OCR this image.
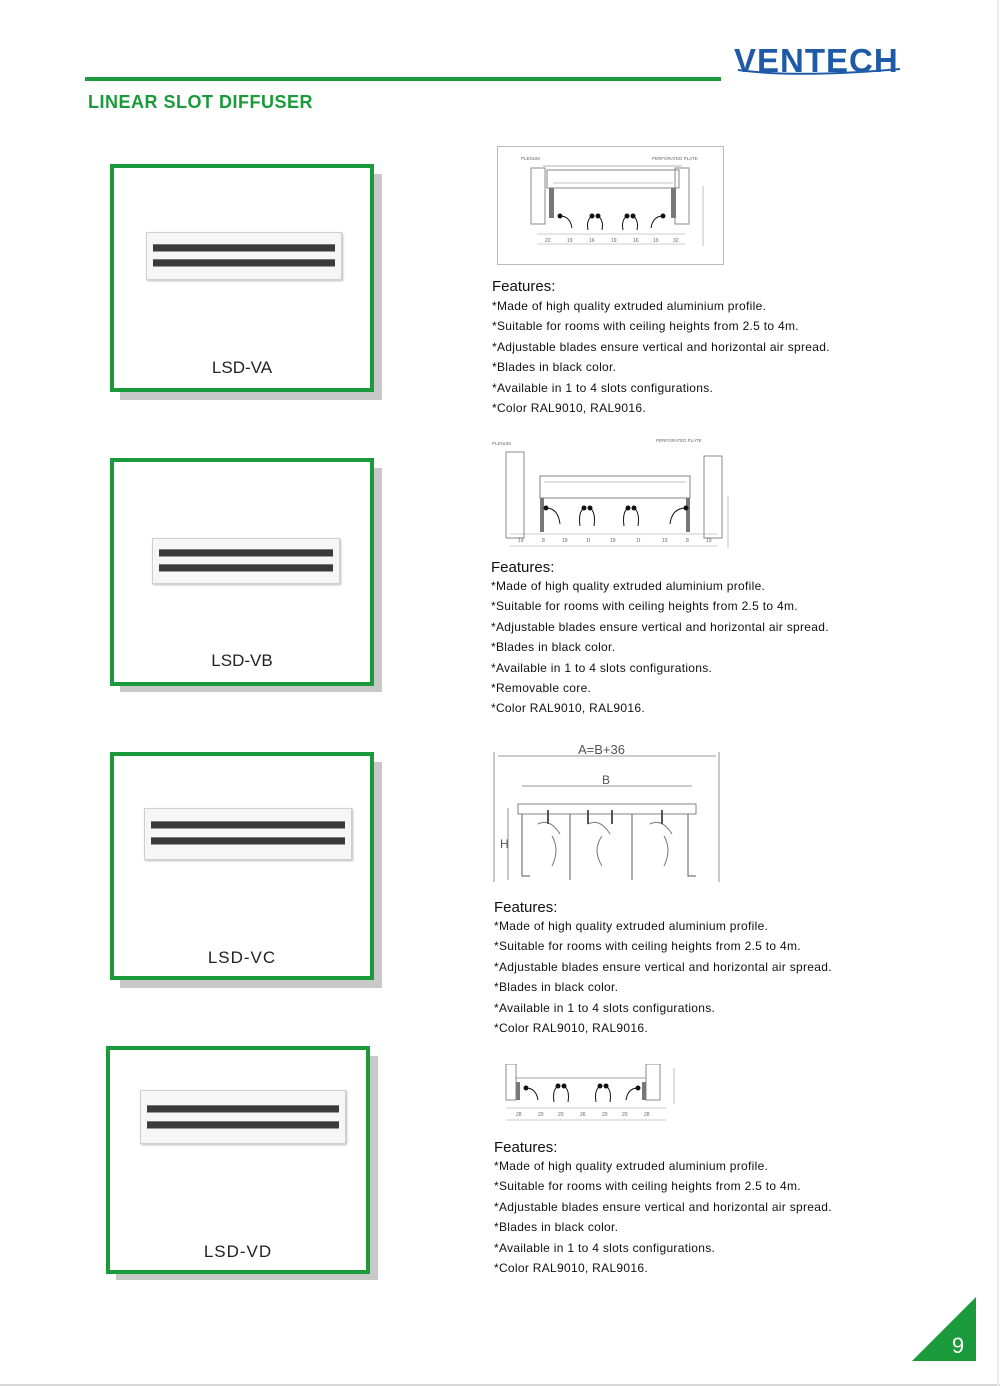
VENTECH
LINEAR SLOT DIFFUSER
LSD-VA
PLENUM	PERFORATED PLATE
22	19	16	19	16	19	32
Features:
*Made of high quality extruded aluminium profile.
*Suitable for rooms with ceiling heights from 2.5 to 4m.
*Adjustable blades ensure vertical and horizontal air spread.
*Blades in black color.
*Available in 1 to 4 slots configurations.
*Color RAL9010, RAL9016.
LSD-VB
PLENUM
PERFORATED PLATE
19	8	19	1f	19	1f	19	8	19
Features:
*Made of high quality extruded aluminium profile.
*Suitable for rooms with ceiling heights from 2.5 to 4m.
*Adjustable blades ensure vertical and horizontal air spread.
*Blades in black color.
*Available in 1 to 4 slots configurations.
*Removable core.
*Color RAL9010, RAL9016.
LSD-VC
A=B+36
B
H
Features:
*Made of high quality extruded aluminium profile.
*Suitable for rooms with ceiling heights from 2.5 to 4m.
*Adjustable blades ensure vertical and horizontal air spread.
*Blades in black color.
*Available in 1 to 4 slots configurations.
*Color RAL9010, RAL9016.
LSD-VD
28	20	20	26	20	20	28
Features:
*Made of high quality extruded aluminium profile.
*Suitable for rooms with ceiling heights from 2.5 to 4m.
*Adjustable blades ensure vertical and horizontal air spread.
*Blades in black color.
*Available in 1 to 4 slots configurations.
*Color RAL9010, RAL9016.
9
